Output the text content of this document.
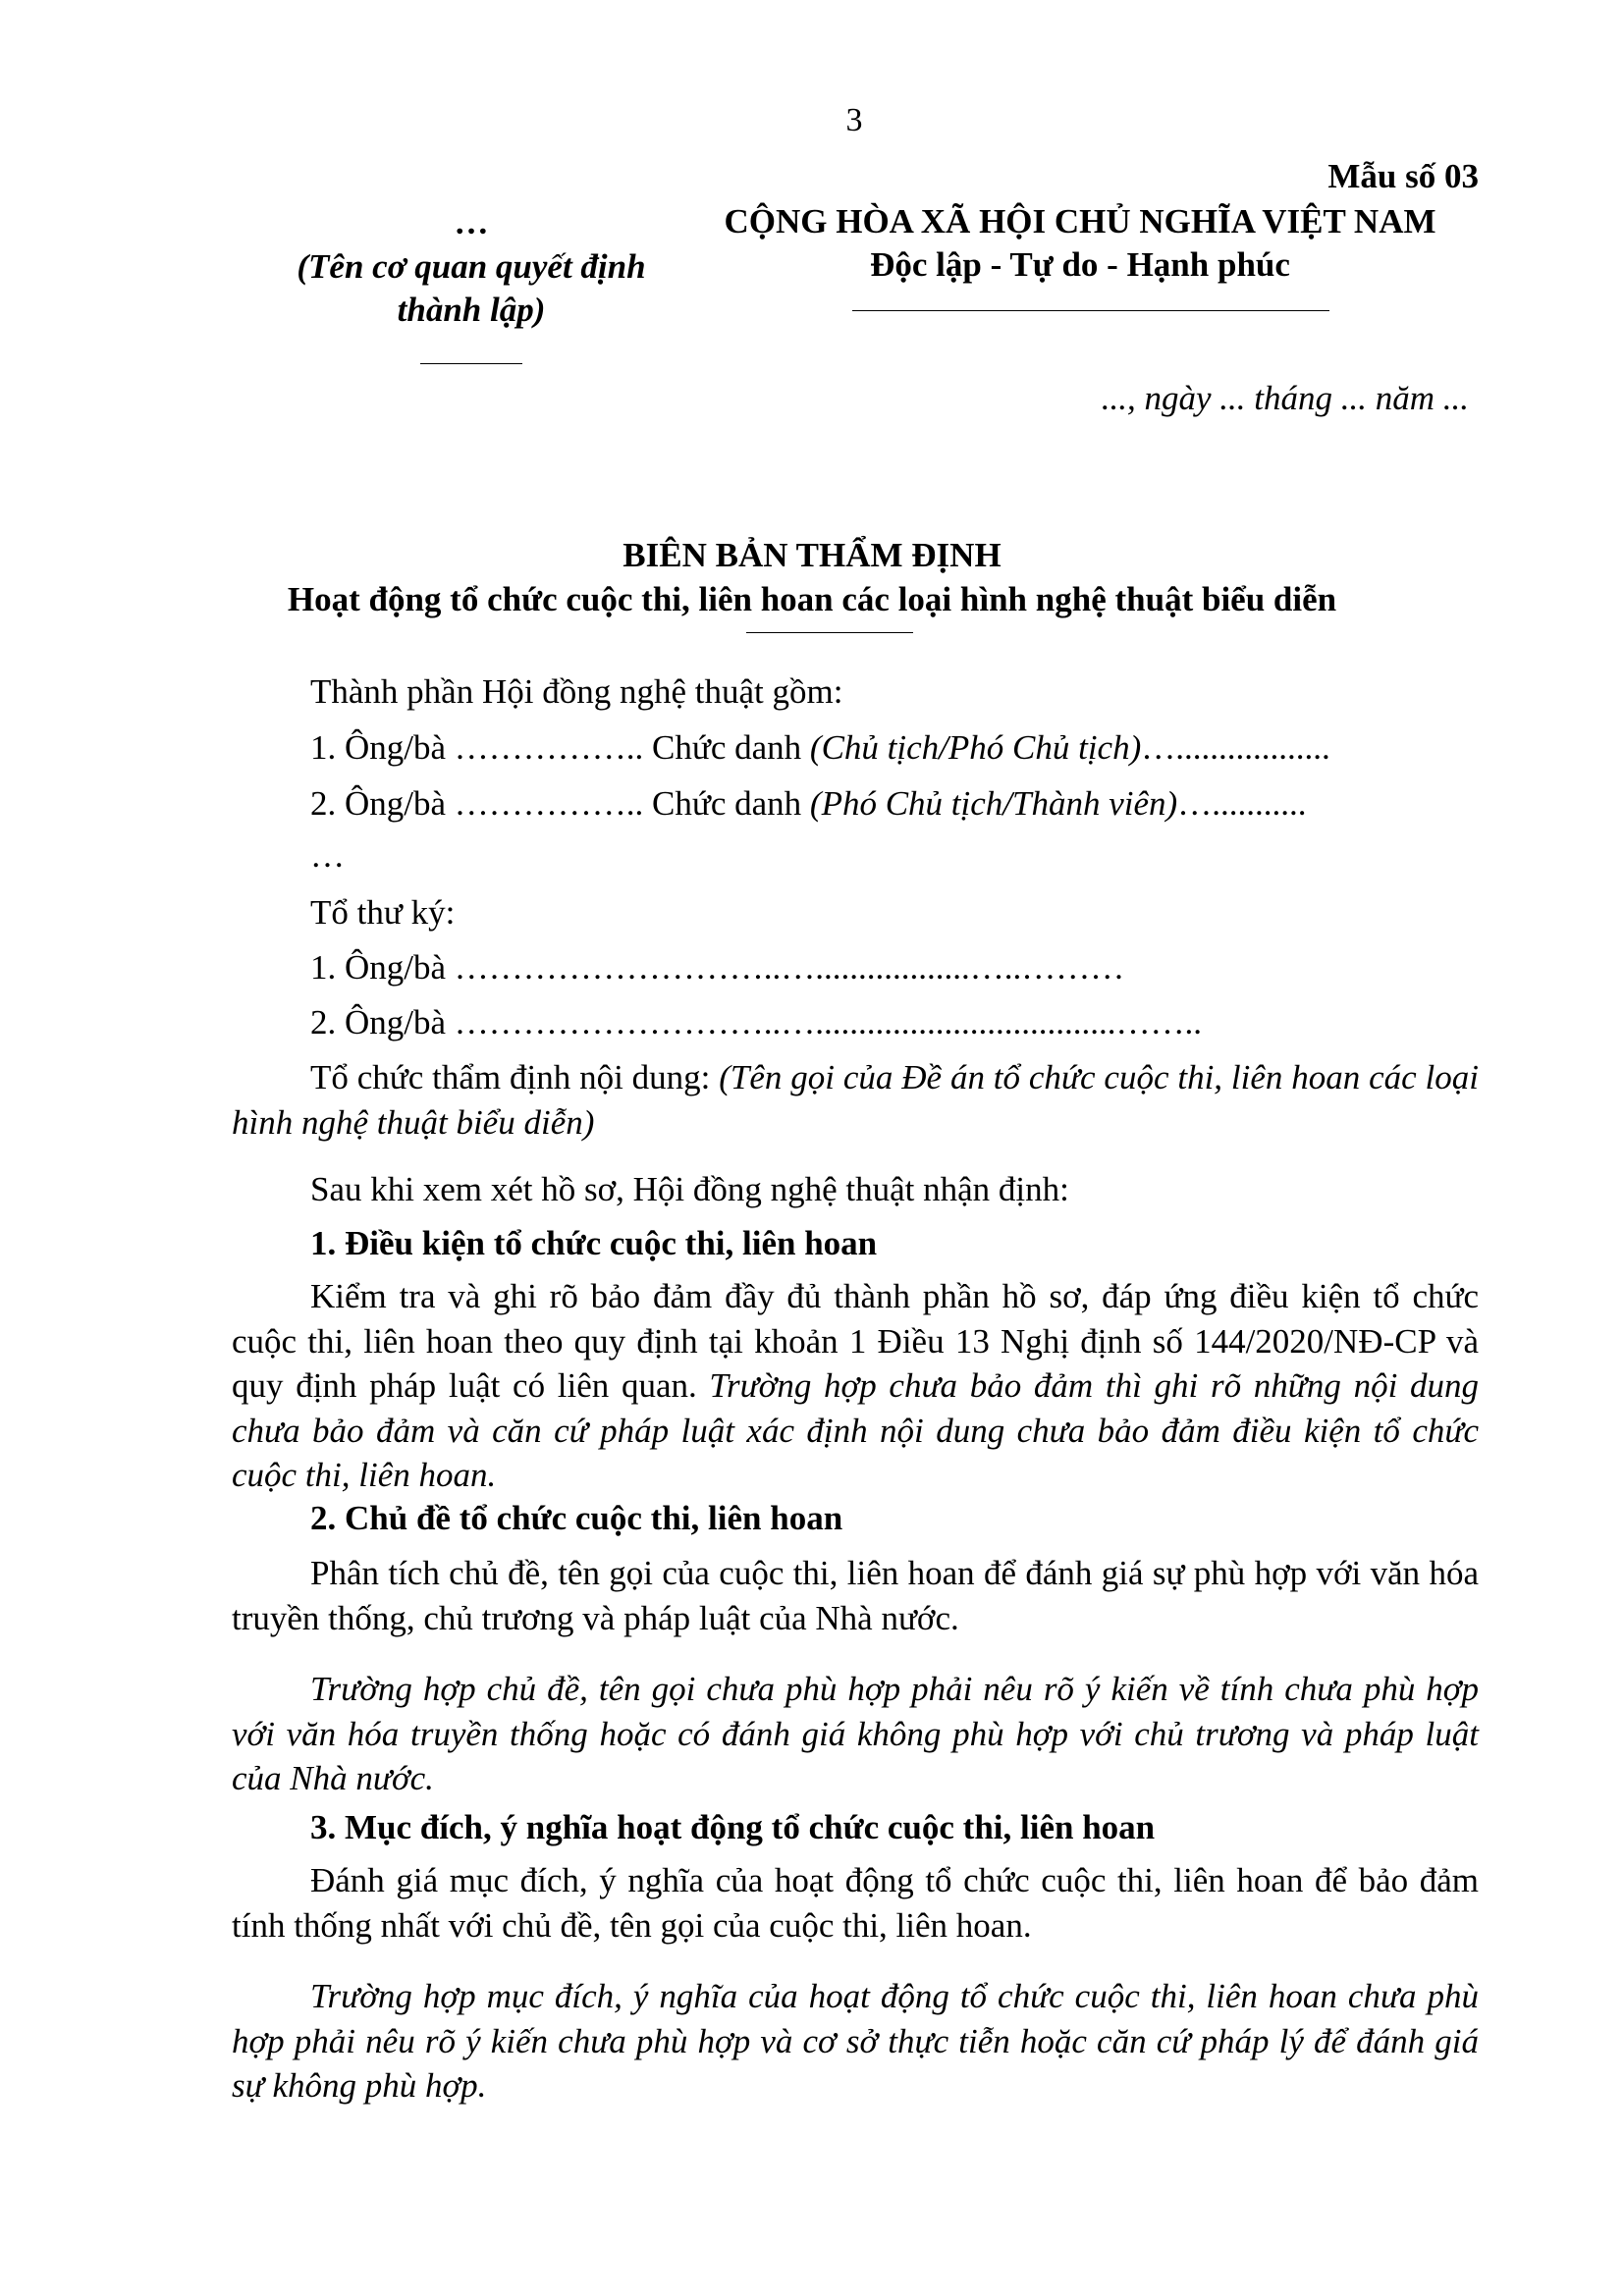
3
Mẫu số 03
…
(Tên cơ quan quyết định thành lập)
CỘNG HÒA XÃ HỘI CHỦ NGHĨA VIỆT NAM
Độc lập - Tự do - Hạnh phúc
..., ngày ... tháng ... năm ...
BIÊN BẢN THẨM ĐỊNH
Hoạt động tổ chức cuộc thi, liên hoan các loại hình nghệ thuật biểu diễn
Thành phần Hội đồng nghệ thuật gồm:
1. Ông/bà …………….. Chức danh (Chủ tịch/Phó Chủ tịch)…..................
2. Ông/bà …………….. Chức danh (Phó Chủ tịch/Thành viên)…...........
…
Tổ thư ký:
1. Ông/bà ………………………..…..................…..………
2. Ông/bà ………………………..…...................................……..
Tổ chức thẩm định nội dung: (Tên gọi của Đề án tổ chức cuộc thi, liên hoan các loại hình nghệ thuật biểu diễn)
Sau khi xem xét hồ sơ, Hội đồng nghệ thuật nhận định:
1. Điều kiện tổ chức cuộc thi, liên hoan
Kiểm tra và ghi rõ bảo đảm đầy đủ thành phần hồ sơ, đáp ứng điều kiện tổ chức cuộc thi, liên hoan theo quy định tại khoản 1 Điều 13 Nghị định số 144/2020/NĐ-CP và quy định pháp luật có liên quan. Trường hợp chưa bảo đảm thì ghi rõ những nội dung chưa bảo đảm và căn cứ pháp luật xác định nội dung chưa bảo đảm điều kiện tổ chức cuộc thi, liên hoan.
2. Chủ đề tổ chức cuộc thi, liên hoan
Phân tích chủ đề, tên gọi của cuộc thi, liên hoan để đánh giá sự phù hợp với văn hóa truyền thống, chủ trương và pháp luật của Nhà nước.
Trường hợp chủ đề, tên gọi chưa phù hợp phải nêu rõ ý kiến về tính chưa phù hợp với văn hóa truyền thống hoặc có đánh giá không phù hợp với chủ trương và pháp luật của Nhà nước.
3. Mục đích, ý nghĩa hoạt động tổ chức cuộc thi, liên hoan
Đánh giá mục đích, ý nghĩa của hoạt động tổ chức cuộc thi, liên hoan để bảo đảm tính thống nhất với chủ đề, tên gọi của cuộc thi, liên hoan.
Trường hợp mục đích, ý nghĩa của hoạt động tổ chức cuộc thi, liên hoan chưa phù hợp phải nêu rõ ý kiến chưa phù hợp và cơ sở thực tiễn hoặc căn cứ pháp lý để đánh giá sự không phù hợp.
